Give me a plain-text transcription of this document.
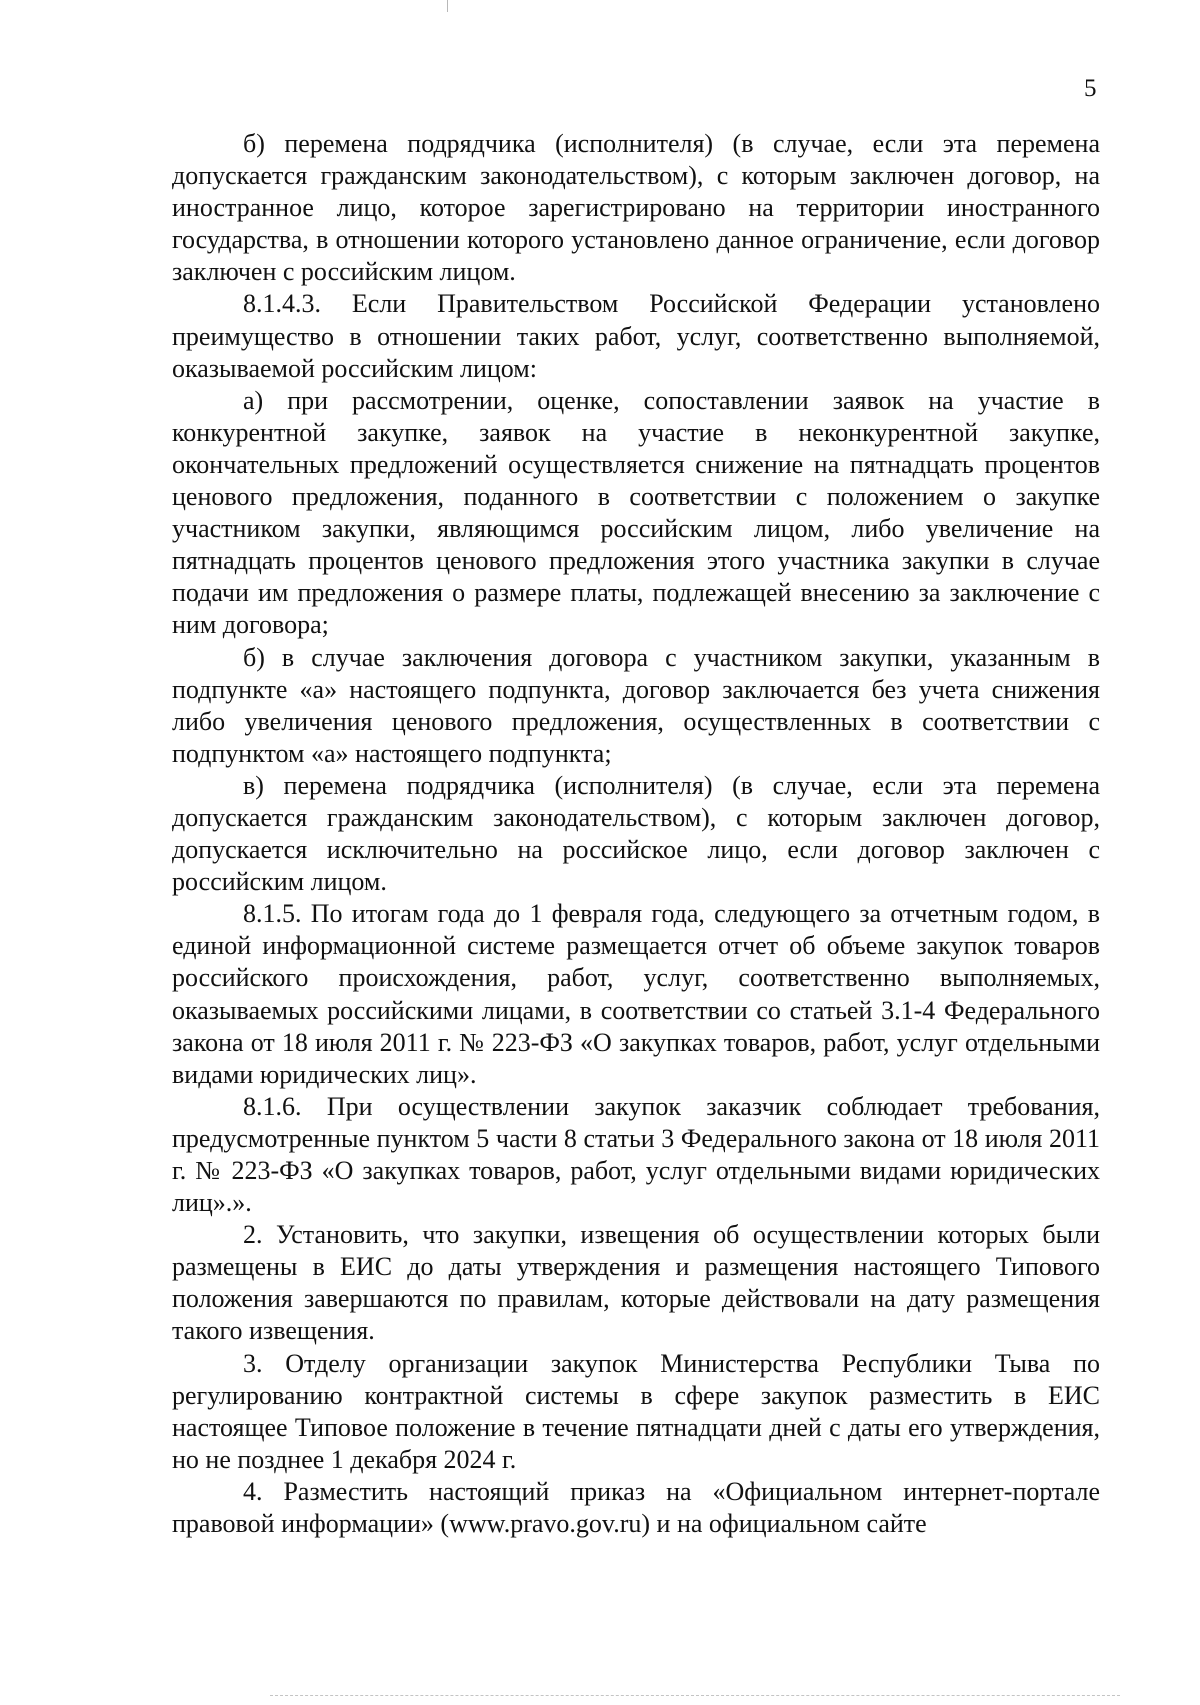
5

б) перемена подрядчика (исполнителя) (в случае, если эта перемена допускается гражданским законодательством), с которым заключен договор, на иностранное лицо, которое зарегистрировано на территории иностранного государства, в отношении которого установлено данное ограничение, если договор заключен с российским лицом.

8.1.4.3. Если Правительством Российской Федерации установлено преимущество в отношении таких работ, услуг, соответственно выполняемой, оказываемой российским лицом:

а) при рассмотрении, оценке, сопоставлении заявок на участие в конкурентной закупке, заявок на участие в неконкурентной закупке, окончательных предложений осуществляется снижение на пятнадцать процентов ценового предложения, поданного в соответствии с положением о закупке участником закупки, являющимся российским лицом, либо увеличение на пятнадцать процентов ценового предложения этого участника закупки в случае подачи им предложения о размере платы, подлежащей внесению за заключение с ним договора;

б) в случае заключения договора с участником закупки, указанным в подпункте «а» настоящего подпункта, договор заключается без учета снижения либо увеличения ценового предложения, осуществленных в соответствии с подпунктом «а» настоящего подпункта;

в) перемена подрядчика (исполнителя) (в случае, если эта перемена допускается гражданским законодательством), с которым заключен договор, допускается исключительно на российское лицо, если договор заключен с российским лицом.

8.1.5. По итогам года до 1 февраля года, следующего за отчетным годом, в единой информационной системе размещается отчет об объеме закупок товаров российского происхождения, работ, услуг, соответственно выполняемых, оказываемых российскими лицами, в соответствии со статьей 3.1-4 Федерального закона от 18 июля 2011 г. № 223-ФЗ «О закупках товаров, работ, услуг отдельными видами юридических лиц».

8.1.6. При осуществлении закупок заказчик соблюдает требования, предусмотренные пунктом 5 части 8 статьи 3 Федерального закона от 18 июля 2011 г. № 223-ФЗ «О закупках товаров, работ, услуг отдельными видами юридических лиц».».

2. Установить, что закупки, извещения об осуществлении которых были размещены в ЕИС до даты утверждения и размещения настоящего Типового положения завершаются по правилам, которые действовали на дату размещения такого извещения.

3. Отделу организации закупок Министерства Республики Тыва по регулированию контрактной системы в сфере закупок разместить в ЕИС настоящее Типовое положение в течение пятнадцати дней с даты его утверждения, но не позднее 1 декабря 2024 г.

4. Разместить настоящий приказ на «Официальном интернет-портале правовой информации» (www.pravo.gov.ru) и на официальном сайте
